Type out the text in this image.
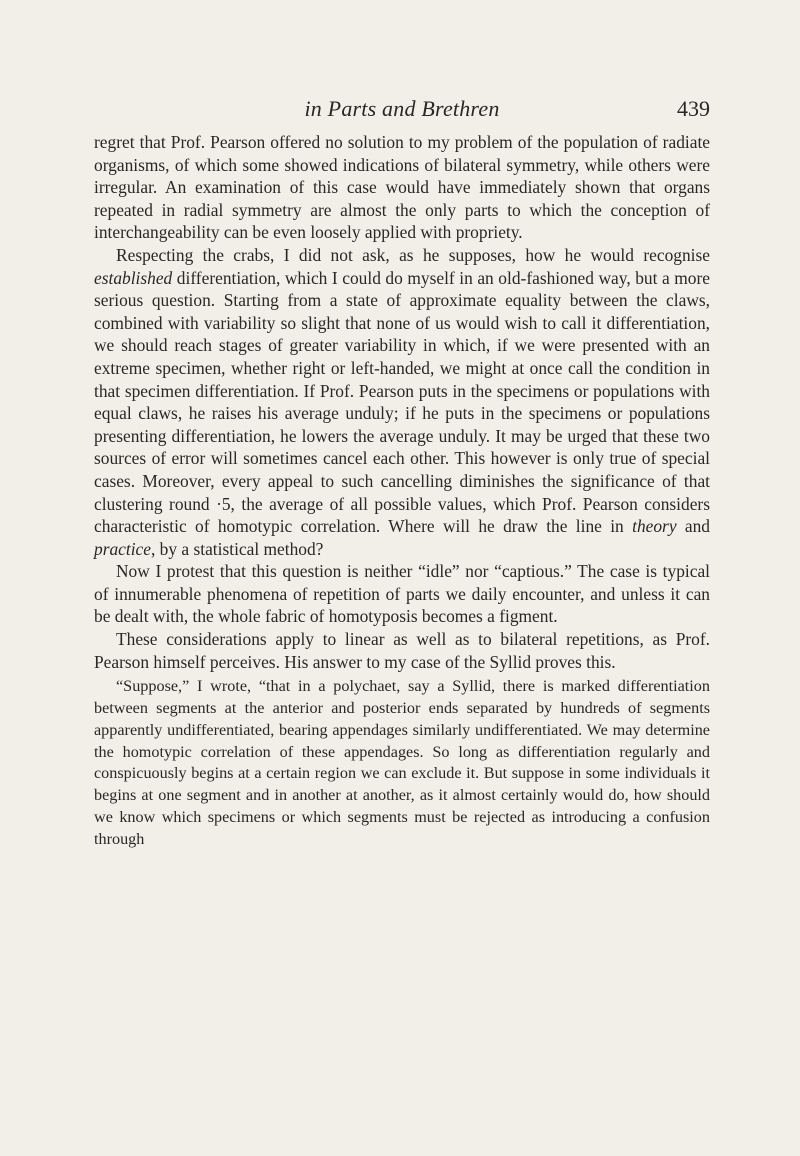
in Parts and Brethren	439

regret that Prof. Pearson offered no solution to my problem of the population of radiate organisms, of which some showed indications of bilateral symmetry, while others were irregular. An examination of this case would have immediately shown that organs repeated in radial symmetry are almost the only parts to which the conception of interchangeability can be even loosely applied with propriety.

Respecting the crabs, I did not ask, as he supposes, how he would recognise established differentiation, which I could do myself in an old-fashioned way, but a more serious question. Starting from a state of approximate equality between the claws, combined with variability so slight that none of us would wish to call it differentiation, we should reach stages of greater variability in which, if we were presented with an extreme specimen, whether right or left-handed, we might at once call the condition in that specimen differentiation. If Prof. Pearson puts in the specimens or populations with equal claws, he raises his average unduly; if he puts in the specimens or populations presenting differentiation, he lowers the average unduly. It may be urged that these two sources of error will sometimes cancel each other. This however is only true of special cases. Moreover, every appeal to such cancelling diminishes the significance of that clustering round ·5, the average of all possible values, which Prof. Pearson considers characteristic of homotypic correlation. Where will he draw the line in theory and practice, by a statistical method?

Now I protest that this question is neither “idle” nor “captious.” The case is typical of innumerable phenomena of repetition of parts we daily encounter, and unless it can be dealt with, the whole fabric of homotyposis becomes a figment.

These considerations apply to linear as well as to bilateral repetitions, as Prof. Pearson himself perceives. His answer to my case of the Syllid proves this.

“Suppose,” I wrote, “that in a polychaet, say a Syllid, there is marked differentiation between segments at the anterior and posterior ends separated by hundreds of segments apparently undifferentiated, bearing appendages similarly undifferentiated. We may determine the homotypic correlation of these appendages. So long as differentiation regularly and conspicuously begins at a certain region we can exclude it. But suppose in some individuals it begins at one segment and in another at another, as it almost certainly would do, how should we know which specimens or which segments must be rejected as introducing a confusion through
